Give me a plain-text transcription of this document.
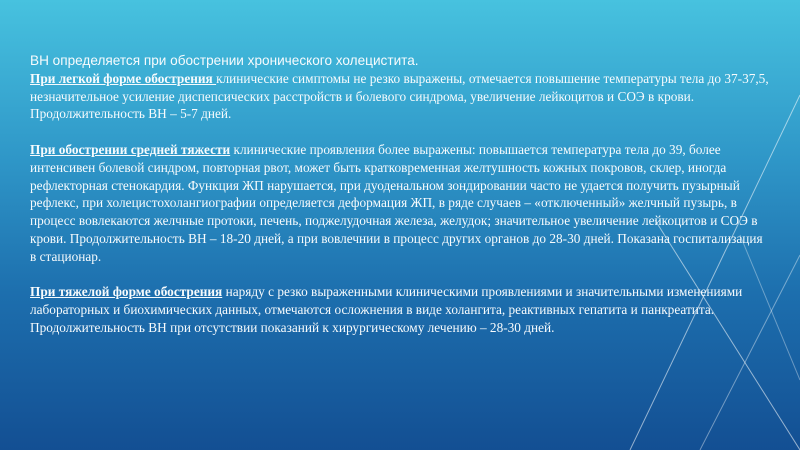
ВН определяется при обострении хронического холецистита.

При легкой форме обострения клинические симптомы не резко выражены, отмечается повышение температуры тела до 37-37,5, незначительное усиление диспепсических расстройств и болевого синдрома, увеличение лейкоцитов и СОЭ в крови. Продолжительность ВН – 5-7 дней.

При обострении средней тяжести клинические проявления более выражены: повышается температура тела до 39, более интенсивен болевой синдром, повторная рвот, может быть кратковременная желтушность кожных покровов, склер, иногда рефлекторная стенокардия. Функция ЖП нарушается, при дуоденальном зондировании часто не удается получить пузырный рефлекс, при холецистохолангиографии определяется деформация ЖП, в ряде случаев – «отключенный» желчный пузырь, в процесс вовлекаются желчные протоки, печень, поджелудочная железа, желудок; значительное увеличение лейкоцитов и СОЭ в крови. Продолжительность ВН – 18-20 дней, а при вовлечнии в процесс других органов до 28-30 дней. Показана госпитализация в стационар.

При тяжелой форме обострения наряду с резко выраженными клиническими проявлениями и значительными изменениями лабораторных и биохимических данных, отмечаются осложнения в виде холангита, реактивных гепатита и панкреатита. Продолжительность ВН при отсутствии показаний к хирургическому лечению – 28-30 дней.
